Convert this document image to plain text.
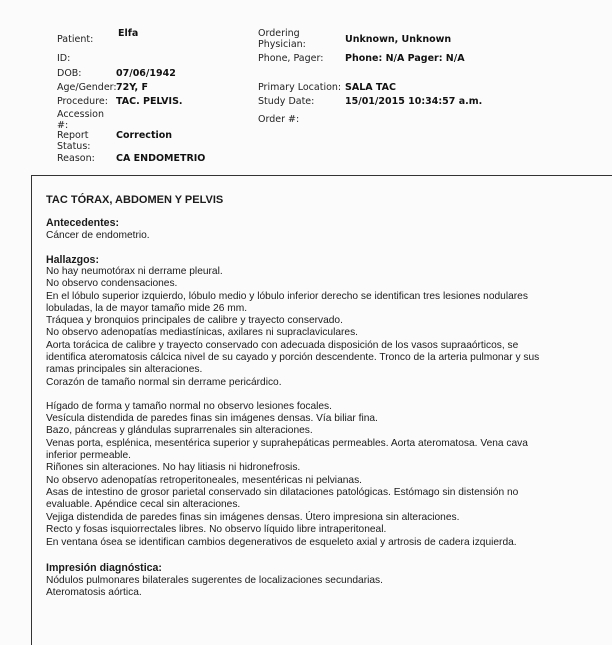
Patient:
Elfa
ID:
DOB:	07/06/1942
Age/Gender: 72Y, F
Procedure: TAC. PELVIS.
Accession
#:
Report
Status:
Correction
Reason: CA ENDOMETRIO
Ordering
Physician:	Unknown, Unknown
Phone, Pager: Phone: N/A Pager: N/A
Primary Location: SALA TAC
Study Date:	15/01/2015 10:34:57 a.m.
Order #:
TAC TÓRAX, ABDOMEN Y PELVIS
Antecedentes:
Cáncer de endometrio.
Hallazgos:
No hay neumotórax ni derrame pleural.
No observo condensaciones.
En el lóbulo superior izquierdo, lóbulo medio y lóbulo inferior derecho se identifican tres lesiones nodulares
lobuladas, la de mayor tamaño mide 26 mm.
Tráquea y bronquios principales de calibre y trayecto conservado.
No observo adenopatías mediastínicas, axilares ni supraclaviculares.
Aorta torácica de calibre y trayecto conservado con adecuada disposición de los vasos supraaórticos, se
identifica ateromatosis cálcica nivel de su cayado y porción descendente. Tronco de la arteria pulmonar y sus
ramas principales sin alteraciones.
Corazón de tamaño normal sin derrame pericárdico.
Hígado de forma y tamaño normal no observo lesiones focales.
Vesícula distendida de paredes finas sin imágenes densas. Vía biliar fina.
Bazo, páncreas y glándulas suprarrenales sin alteraciones.
Venas porta, esplénica, mesentérica superior y suprahepáticas permeables. Aorta ateromatosa. Vena cava
inferior permeable.
Riñones sin alteraciones. No hay litiasis ni hidronefrosis.
No observo adenopatías retroperitoneales, mesentéricas ni pelvianas.
Asas de intestino de grosor parietal conservado sin dilataciones patológicas. Estómago sin distensión no
evaluable. Apéndice cecal sin alteraciones.
Vejiga distendida de paredes finas sin imágenes densas. Útero impresiona sin alteraciones.
Recto y fosas isquiorrectales libres. No observo líquido libre intraperitoneal.
En ventana ósea se identifican cambios degenerativos de esqueleto axial y artrosis de cadera izquierda.
Impresión diagnóstica:
Nódulos pulmonares bilaterales sugerentes de localizaciones secundarias.
Ateromatosis aórtica.
